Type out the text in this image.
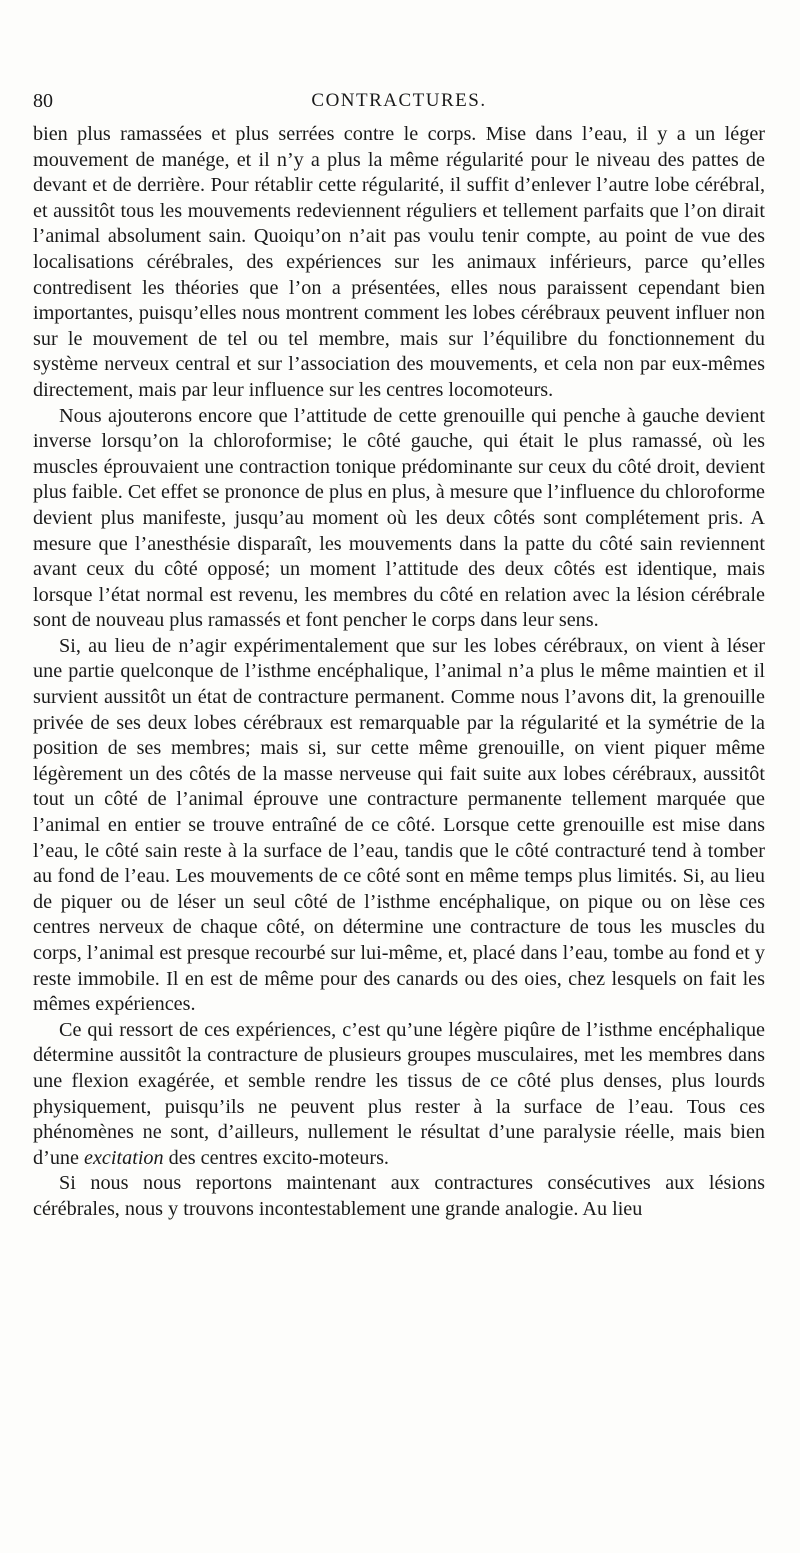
80	CONTRACTURES.

bien plus ramassées et plus serrées contre le corps. Mise dans l’eau, il y a un léger mouvement de manége, et il n’y a plus la même régularité pour le niveau des pattes de devant et de derrière. Pour rétablir cette régularité, il suffit d’enlever l’autre lobe cérébral, et aussitôt tous les mouvements redeviennent réguliers et tellement parfaits que l’on dirait l’animal absolument sain. Quoiqu’on n’ait pas voulu tenir compte, au point de vue des localisations cérébrales, des expériences sur les animaux inférieurs, parce qu’elles contredisent les théories que l’on a présentées, elles nous paraissent cependant bien importantes, puisqu’elles nous montrent comment les lobes cérébraux peuvent influer non sur le mouvement de tel ou tel membre, mais sur l’équilibre du fonctionnement du système nerveux central et sur l’association des mouvements, et cela non par eux-mêmes directement, mais par leur influence sur les centres locomoteurs.

Nous ajouterons encore que l’attitude de cette grenouille qui penche à gauche devient inverse lorsqu’on la chloroformise; le côté gauche, qui était le plus ramassé, où les muscles éprouvaient une contraction tonique prédominante sur ceux du côté droit, devient plus faible. Cet effet se prononce de plus en plus, à mesure que l’influence du chloroforme devient plus manifeste, jusqu’au moment où les deux côtés sont complétement pris. A mesure que l’anesthésie disparaît, les mouvements dans la patte du côté sain reviennent avant ceux du côté opposé; un moment l’attitude des deux côtés est identique, mais lorsque l’état normal est revenu, les membres du côté en relation avec la lésion cérébrale sont de nouveau plus ramassés et font pencher le corps dans leur sens.

Si, au lieu de n’agir expérimentalement que sur les lobes cérébraux, on vient à léser une partie quelconque de l’isthme encéphalique, l’animal n’a plus le même maintien et il survient aussitôt un état de contracture permanent. Comme nous l’avons dit, la grenouille privée de ses deux lobes cérébraux est remarquable par la régularité et la symétrie de la position de ses membres; mais si, sur cette même grenouille, on vient piquer même légèrement un des côtés de la masse nerveuse qui fait suite aux lobes cérébraux, aussitôt tout un côté de l’animal éprouve une contracture permanente tellement marquée que l’animal en entier se trouve entraîné de ce côté. Lorsque cette grenouille est mise dans l’eau, le côté sain reste à la surface de l’eau, tandis que le côté contracturé tend à tomber au fond de l’eau. Les mouvements de ce côté sont en même temps plus limités. Si, au lieu de piquer ou de léser un seul côté de l’isthme encéphalique, on pique ou on lèse ces centres nerveux de chaque côté, on détermine une contracture de tous les muscles du corps, l’animal est presque recourbé sur lui-même, et, placé dans l’eau, tombe au fond et y reste immobile. Il en est de même pour des canards ou des oies, chez lesquels on fait les mêmes expériences.

Ce qui ressort de ces expériences, c’est qu’une légère piqûre de l’isthme encéphalique détermine aussitôt la contracture de plusieurs groupes musculaires, met les membres dans une flexion exagérée, et semble rendre les tissus de ce côté plus denses, plus lourds physiquement, puisqu’ils ne peuvent plus rester à la surface de l’eau. Tous ces phénomènes ne sont, d’ailleurs, nullement le résultat d’une paralysie réelle, mais bien d’une excitation des centres excito-moteurs.

Si nous nous reportons maintenant aux contractures consécutives aux lésions cérébrales, nous y trouvons incontestablement une grande analogie. Au lieu
